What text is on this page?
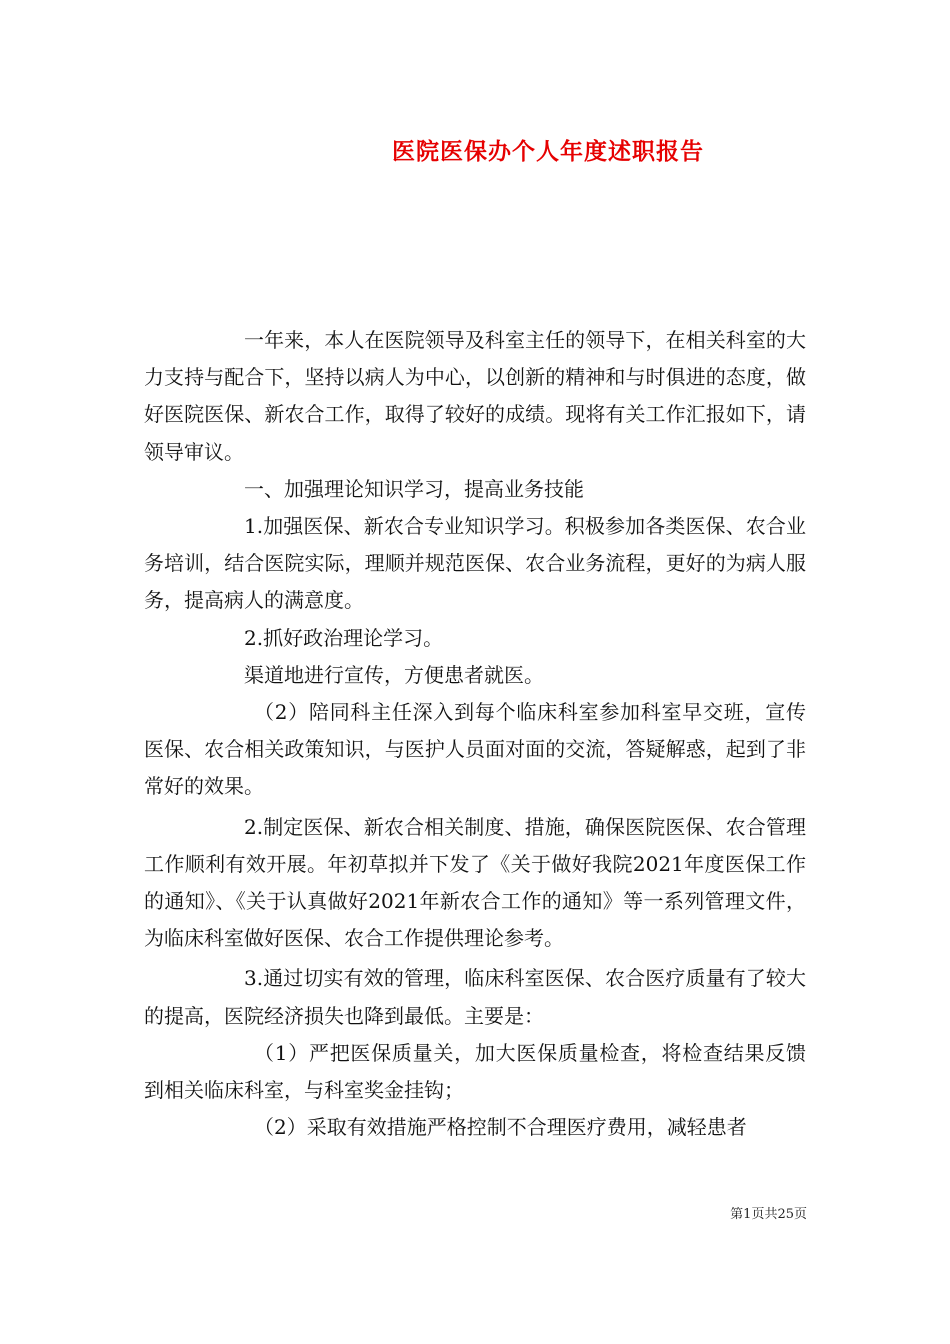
医院医保办个人年度述职报告

一年来，本人在医院领导及科室主任的领导下，在相关科室的大力支持与配合下，坚持以病人为中心，以创新的精神和与时俱进的态度，做好医院医保、新农合工作，取得了较好的成绩。现将有关工作汇报如下，请领导审议。

一、加强理论知识学习，提高业务技能

1.加强医保、新农合专业知识学习。积极参加各类医保、农合业务培训，结合医院实际，理顺并规范医保、农合业务流程，更好的为病人服务，提高病人的满意度。

2.抓好政治理论学习。

渠道地进行宣传，方便患者就医。

（2）陪同科主任深入到每个临床科室参加科室早交班，宣传医保、农合相关政策知识，与医护人员面对面的交流，答疑解惑，起到了非常好的效果。

2.制定医保、新农合相关制度、措施，确保医院医保、农合管理工作顺利有效开展。年初草拟并下发了《关于做好我院2021年度医保工作的通知》、《关于认真做好2021年新农合工作的通知》等一系列管理文件，为临床科室做好医保、农合工作提供理论参考。

3.通过切实有效的管理，临床科室医保、农合医疗质量有了较大的提高，医院经济损失也降到最低。主要是：

（1）严把医保质量关，加大医保质量检查，将检查结果反馈到相关临床科室，与科室奖金挂钩；

（2）采取有效措施严格控制不合理医疗费用，减轻患者

第1页共25页
